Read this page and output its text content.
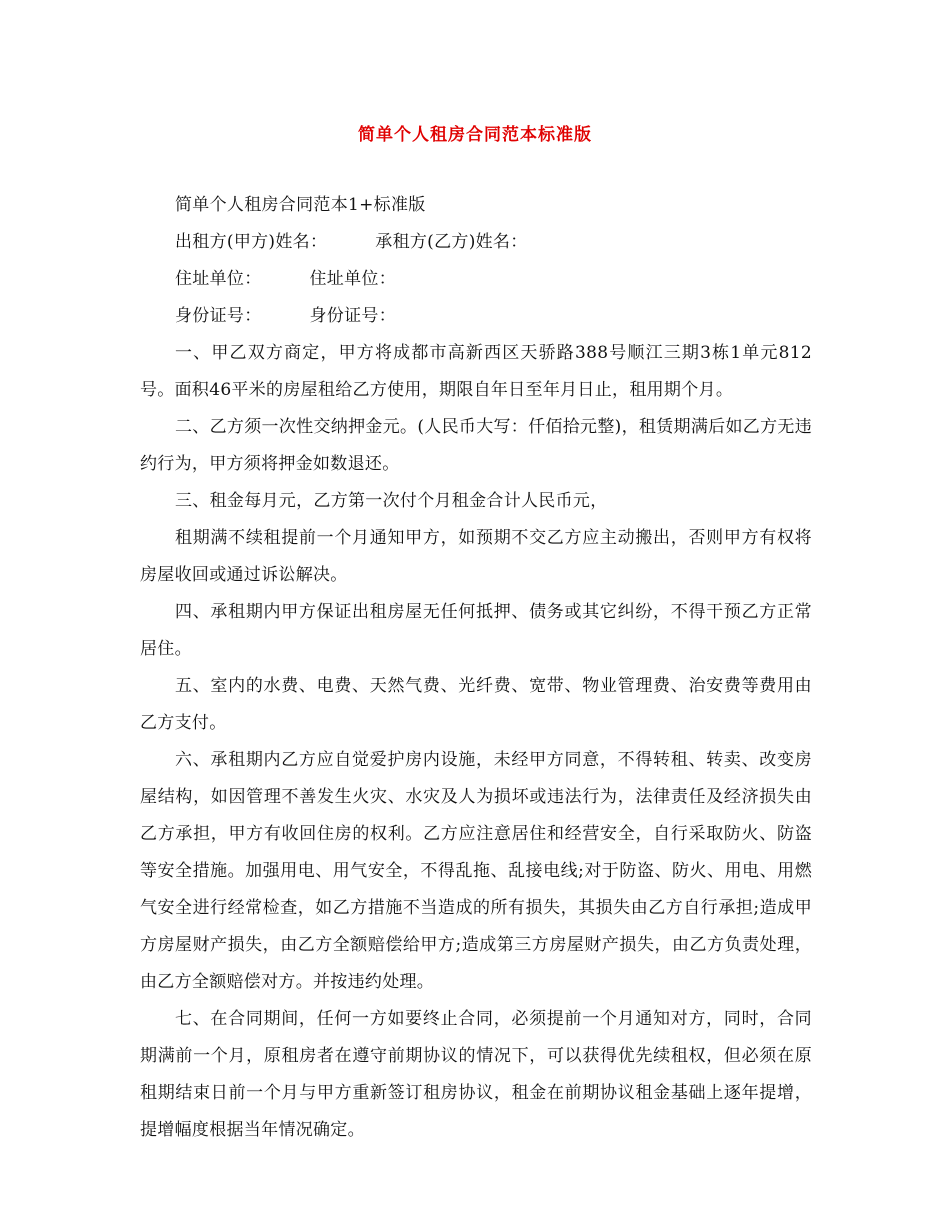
简单个人租房合同范本标准版
简单个人租房合同范本1+标准版
出租方(甲方)姓名：	承租方(乙方)姓名：
住址单位：	住址单位：
身份证号：	身份证号：
一、甲乙双方商定，甲方将成都市高新西区天骄路388号顺江三期3栋1单元812号。面积46平米的房屋租给乙方使用，期限自年日至年月日止，租用期个月。
二、乙方须一次性交纳押金元。(人民币大写：仟佰拾元整)，租赁期满后如乙方无违约行为，甲方须将押金如数退还。
三、租金每月元，乙方第一次付个月租金合计人民币元，
租期满不续租提前一个月通知甲方，如预期不交乙方应主动搬出，否则甲方有权将房屋收回或通过诉讼解决。
四、承租期内甲方保证出租房屋无任何抵押、债务或其它纠纷，不得干预乙方正常居住。
五、室内的水费、电费、天然气费、光纤费、宽带、物业管理费、治安费等费用由乙方支付。
六、承租期内乙方应自觉爱护房内设施，未经甲方同意，不得转租、转卖、改变房屋结构，如因管理不善发生火灾、水灾及人为损坏或违法行为，法律责任及经济损失由乙方承担，甲方有收回住房的权利。乙方应注意居住和经营安全，自行采取防火、防盗等安全措施。加强用电、用气安全，不得乱拖、乱接电线;对于防盗、防火、用电、用燃气安全进行经常检查，如乙方措施不当造成的所有损失，其损失由乙方自行承担;造成甲方房屋财产损失，由乙方全额赔偿给甲方;造成第三方房屋财产损失，由乙方负责处理，由乙方全额赔偿对方。并按违约处理。
七、在合同期间，任何一方如要终止合同，必须提前一个月通知对方，同时，合同期满前一个月，原租房者在遵守前期协议的情况下，可以获得优先续租权，但必须在原租期结束日前一个月与甲方重新签订租房协议，租金在前期协议租金基础上逐年提增，提增幅度根据当年情况确定。
